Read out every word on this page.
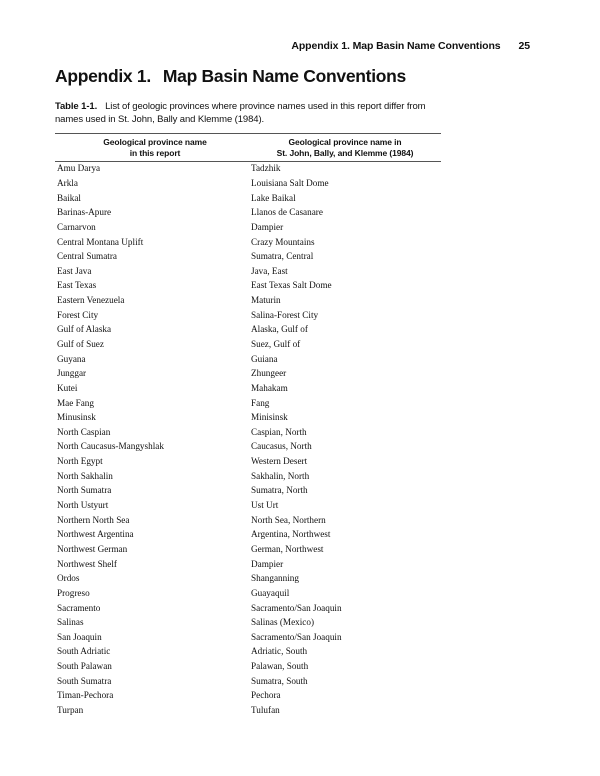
Appendix 1. Map Basin Name Conventions 25
Appendix 1. Map Basin Name Conventions
Table 1-1. List of geologic provinces where province names used in this report differ from names used in St. John, Bally and Klemme (1984).
Geological province name
in this report
Geological province name in
St. John, Bally, and Klemme (1984)
Amu Darya	Tadzhik
Arkla	Louisiana Salt Dome
Baikal	Lake Baikal
Barinas-Apure	Llanos de Casanare
Carnarvon	Dampier
Central Montana Uplift	Crazy Mountains
Central Sumatra	Sumatra, Central
East Java	Java, East
East Texas	East Texas Salt Dome
Eastern Venezuela	Maturin
Forest City	Salina-Forest City
Gulf of Alaska	Alaska, Gulf of
Gulf of Suez	Suez, Gulf of
Guyana	Guiana
Junggar	Zhungeer
Kutei	Mahakam
Mae Fang	Fang
Minusinsk	Minisinsk
North Caspian	Caspian, North
North Caucasus-Mangyshlak	Caucasus, North
North Egypt	Western Desert
North Sakhalin	Sakhalin, North
North Sumatra	Sumatra, North
North Ustyurt	Ust Urt
Northern North Sea	North Sea, Northern
Northwest Argentina	Argentina, Northwest
Northwest German	German, Northwest
Northwest Shelf	Dampier
Ordos	Shanganning
Progreso	Guayaquil
Sacramento	Sacramento/San Joaquin
Salinas	Salinas (Mexico)
San Joaquin	Sacramento/San Joaquin
South Adriatic	Adriatic, South
South Palawan	Palawan, South
South Sumatra	Sumatra, South
Timan-Pechora	Pechora
Turpan	Tulufan
